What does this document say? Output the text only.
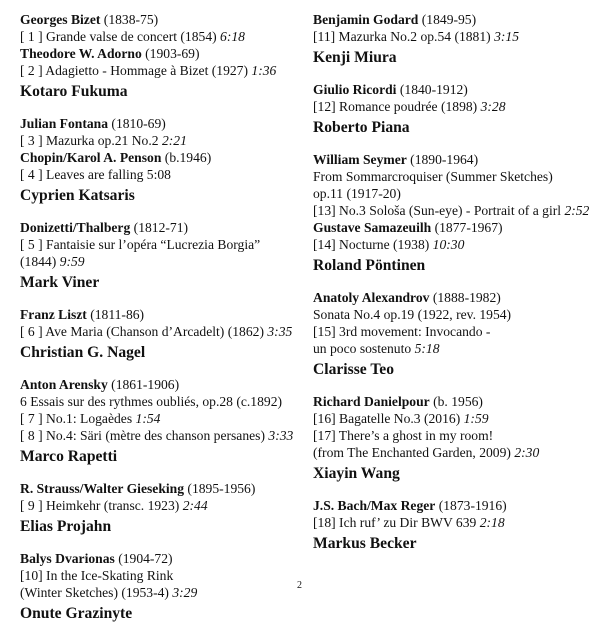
Georges Bizet (1838-75)
[ 1 ] Grande valse de concert (1854) 6:18
Theodore W. Adorno (1903-69)
[ 2 ] Adagietto - Hommage à Bizet (1927) 1:36
Kotaro Fukuma
Julian Fontana (1810-69)
[ 3 ] Mazurka op.21 No.2 2:21
Chopin/Karol A. Penson (b.1946)
[ 4 ] Leaves are falling 5:08
Cyprien Katsaris
Donizetti/Thalberg (1812-71)
[ 5 ] Fantaisie sur l’opéra “Lucrezia Borgia”
(1844) 9:59
Mark Viner
Franz Liszt (1811-86)
[ 6 ] Ave Maria (Chanson d’Arcadelt) (1862) 3:35
Christian G. Nagel
Anton Arensky (1861-1906)
6 Essais sur des rythmes oubliés, op.28 (c.1892)
[ 7 ] No.1: Logaèdes 1:54
[ 8 ] No.4: Säri (mètre des chanson persanes) 3:33
Marco Rapetti
R. Strauss/Walter Gieseking (1895-1956)
[ 9 ] Heimkehr (transc. 1923) 2:44
Elias Projahn
Balys Dvarionas (1904-72)
[10] In the Ice-Skating Rink
(Winter Sketches) (1953-4) 3:29
Onute Grazinyte
Benjamin Godard (1849-95)
[11] Mazurka No.2 op.54 (1881) 3:15
Kenji Miura
Giulio Ricordi (1840-1912)
[12] Romance poudrée (1898) 3:28
Roberto Piana
William Seymer (1890-1964)
From Sommarcroquiser (Summer Sketches)
op.11 (1917-20)
[13] No.3 Sološa (Sun-eye) - Portrait of a girl 2:52
Gustave Samazeuilh (1877-1967)
[14] Nocturne (1938) 10:30
Roland Pöntinen
Anatoly Alexandrov (1888-1982)
Sonata No.4 op.19 (1922, rev. 1954)
[15] 3rd movement: Invocando -
un poco sostenuto 5:18
Clarisse Teo
Richard Danielpour (b. 1956)
[16] Bagatelle No.3 (2016) 1:59
[17] There’s a ghost in my room!
(from The Enchanted Garden, 2009) 2:30
Xiayin Wang
J.S. Bach/Max Reger (1873-1916)
[18] Ich ruf’ zu Dir BWV 639 2:18
Markus Becker
2
